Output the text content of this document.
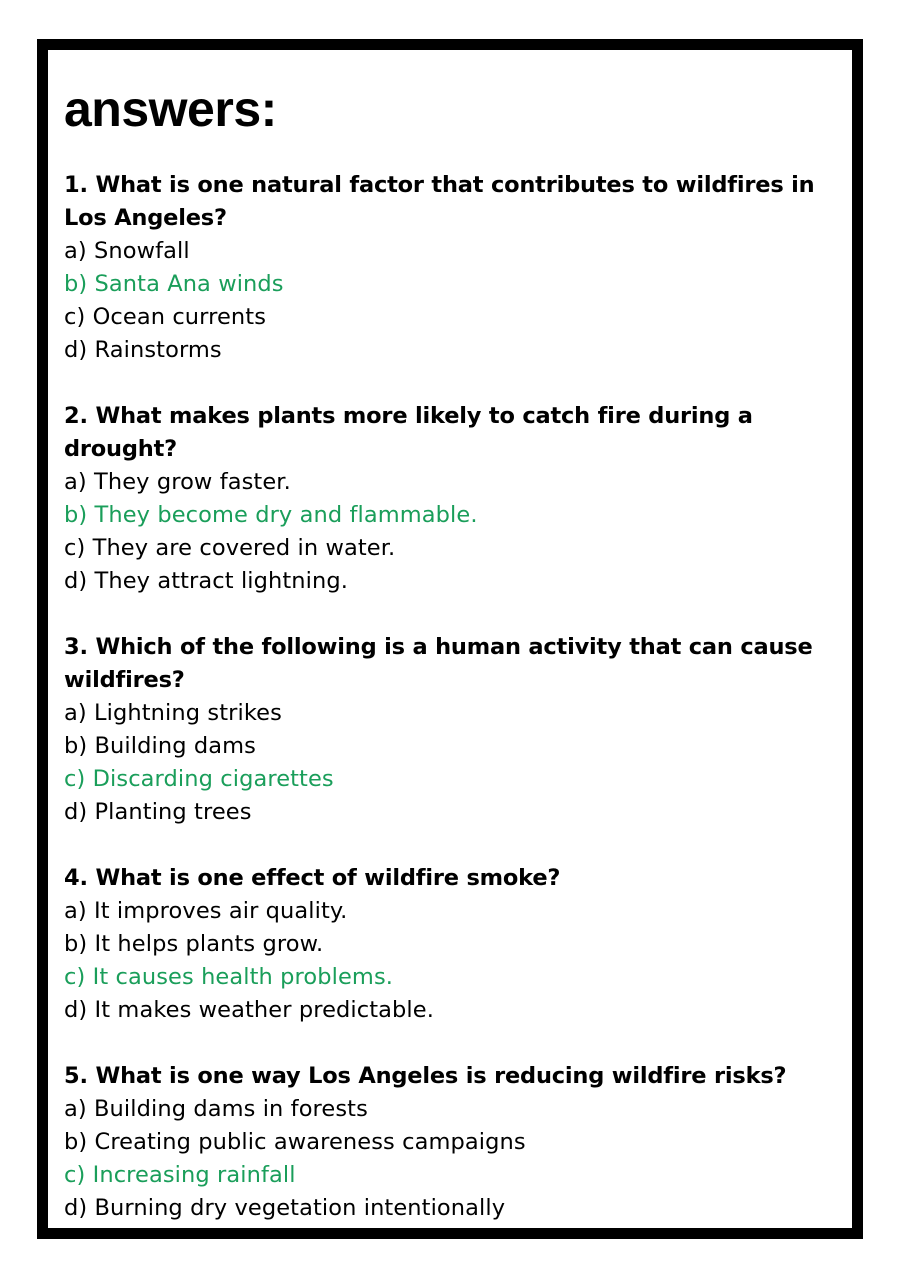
answers:

1. What is one natural factor that contributes to wildfires in Los Angeles?

a) Snowfall

b) Santa Ana winds

c) Ocean currents

d) Rainstorms

2. What makes plants more likely to catch fire during a drought?

a) They grow faster.

b) They become dry and flammable.

c) They are covered in water.

d) They attract lightning.

3. Which of the following is a human activity that can cause wildfires?

a) Lightning strikes

b) Building dams

c) Discarding cigarettes

d) Planting trees

4. What is one effect of wildfire smoke?

a) It improves air quality.

b) It helps plants grow.

c) It causes health problems.

d) It makes weather predictable.

5. What is one way Los Angeles is reducing wildfire risks?

a) Building dams in forests

b) Creating public awareness campaigns

c) Increasing rainfall

d) Burning dry vegetation intentionally
